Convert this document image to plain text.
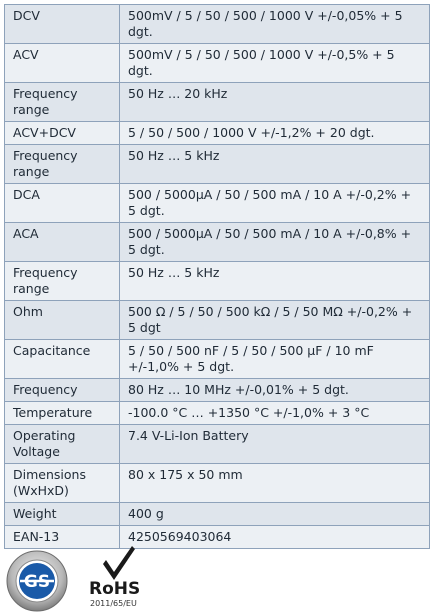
DCV	500mV / 5 / 50 / 500 / 1000 V +/-0,05% + 5 dgt.
ACV	500mV / 5 / 50 / 500 / 1000 V +/-0,5% + 5 dgt.
Frequency range	50 Hz … 20 kHz
ACV+DCV	5 / 50 / 500 / 1000 V +/-1,2% + 20 dgt.
Frequency range	50 Hz … 5 kHz
DCA	500 / 5000µA / 50 / 500 mA / 10 A +/-0,2% + 5 dgt.
ACA	500 / 5000µA / 50 / 500 mA / 10 A +/-0,8% + 5 dgt.
Frequency range	50 Hz … 5 kHz
Ohm	500 Ω / 5 / 50 / 500 kΩ / 5 / 50 MΩ +/-0,2% + 5 dgt
Capacitance	5 / 50 / 500 nF / 5 / 50 / 500 µF / 10 mF +/-1,0% + 5 dgt.
Frequency	80 Hz … 10 MHz +/-0,01% + 5 dgt.
Temperature	-100.0 °C … +1350 °C +/-1,0% + 3 °C
Operating Voltage	7.4 V-Li-Ion Battery
Dimensions (WxHxD)	80 x 175 x 50 mm
Weight	400 g
EAN-13	4250569403064
GS RoHS
2011/65/EU
